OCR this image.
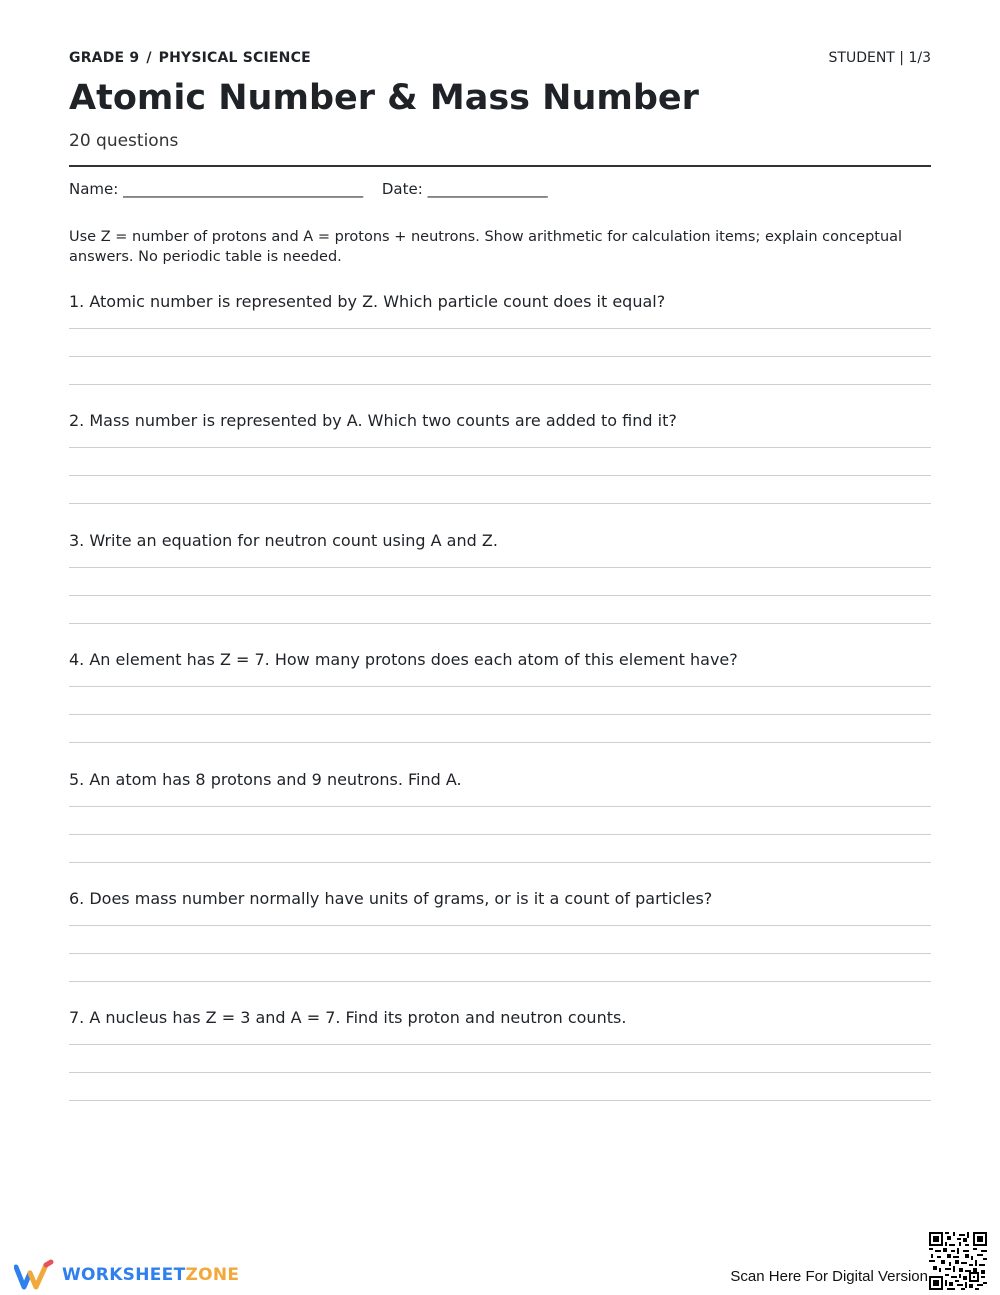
GRADE 9 / PHYSICAL SCIENCE	STUDENT | 1/3
Atomic Number & Mass Number
20 questions
Name: ________________________________ Date: ________________
Use Z = number of protons and A = protons + neutrons. Show arithmetic for calculation items; explain conceptual answers. No periodic table is needed.
1. Atomic number is represented by Z. Which particle count does it equal?
2. Mass number is represented by A. Which two counts are added to find it?
3. Write an equation for neutron count using A and Z.
4. An element has Z = 7. How many protons does each atom of this element have?
5. An atom has 8 protons and 9 neutrons. Find A.
6. Does mass number normally have units of grams, or is it a count of particles?
7. A nucleus has Z = 3 and A = 7. Find its proton and neutron counts.
WORKSHEETZONE	Scan Here For Digital Version
